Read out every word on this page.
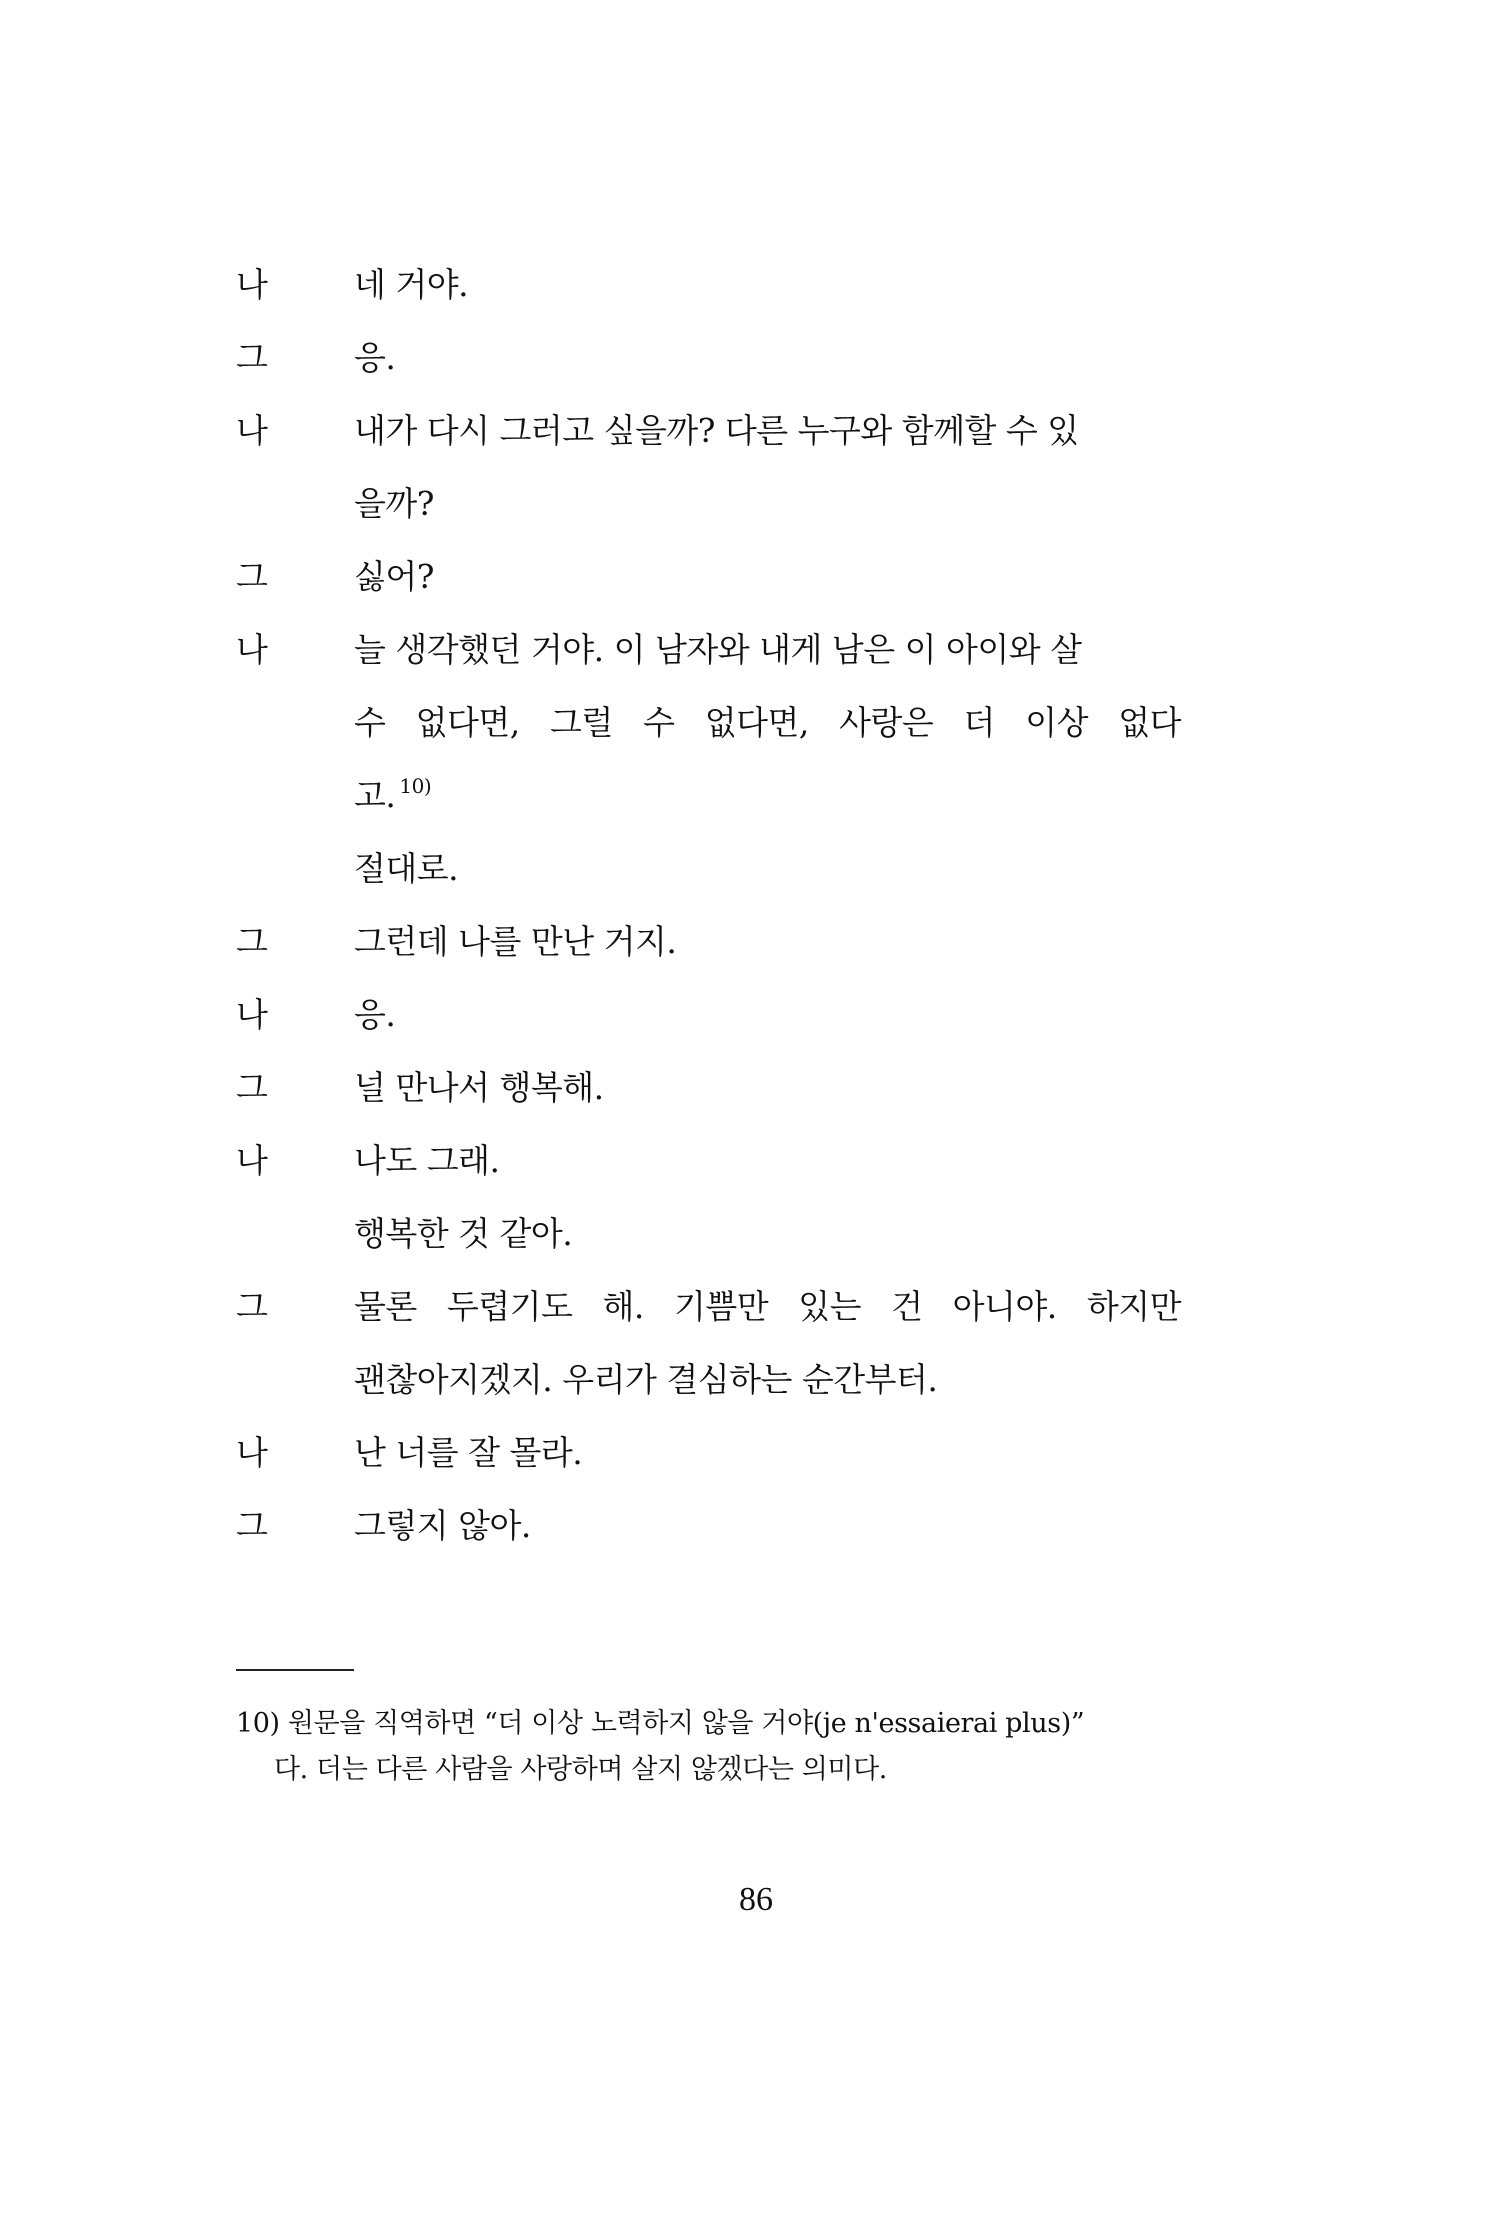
나	네 거야.
그	응.
나	내가 다시 그러고 싶을까? 다른 누구와 함께할 수 있
을까?
그	싫어?
나	늘 생각했던 거야. 이 남자와 내게 남은 이 아이와 살
수 없다면, 그럴 수 없다면, 사랑은 더 이상 없다
고. $^{10)}$
절대로.
그	그런데 나를 만난 거지.
나	응.
그	널 만나서 행복해.
나	나도 그래.
행복한 것 같아.
그	물론 두렵기도 해. 기쁨만 있는 건 아니야. 하지만
괜찮아지겠지. 우리가 결심하는 순간부터.
나	난 너를 잘 몰라.
그	그렇지 않아.
10) 원문을 직역하면 “더 이상 노력하지 않을 거야(je n'essaierai plus)”
다. 더는 다른 사람을 사랑하며 살지 않겠다는 의미다.
86
